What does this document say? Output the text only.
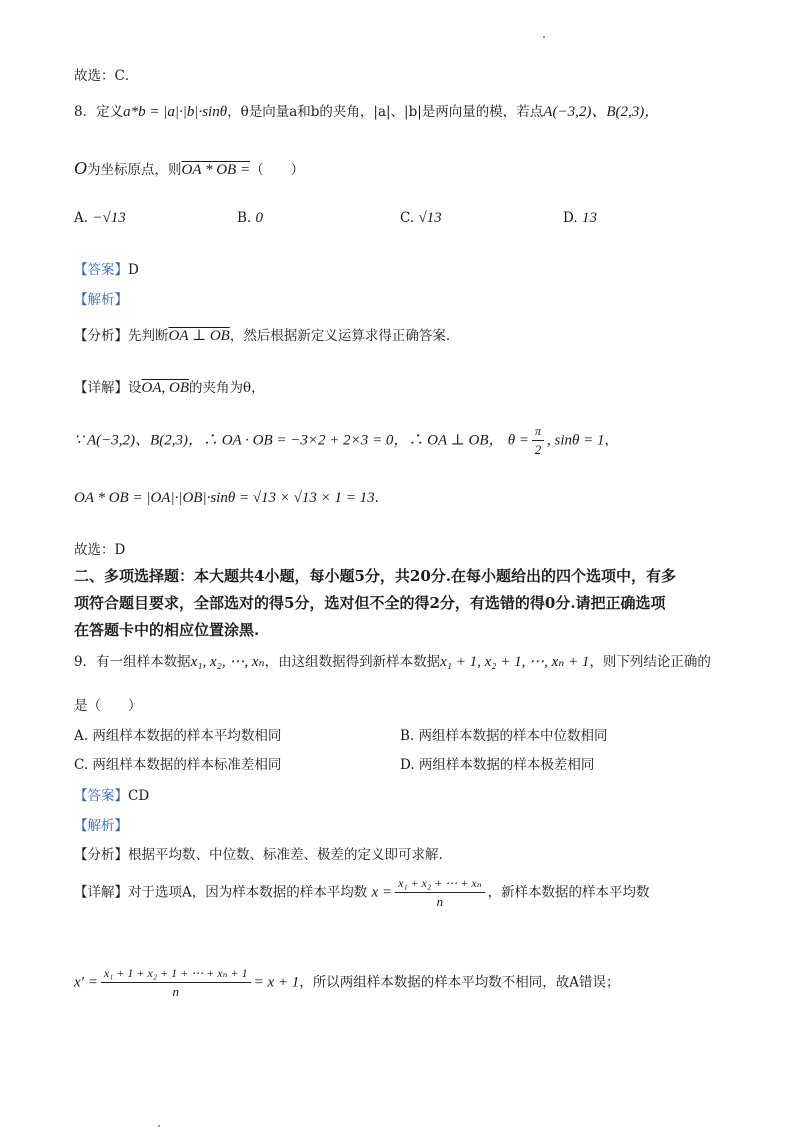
故选：C．
8．定义a*b = |a|·|b|·sinθ，θ是向量a和b的夹角，|a|、|b|是两向量的模，若点A(−3,2)、B(2,3)，
O为坐标原点，则OA * OB =（　　）
A. −√13	B. 0	C. √13	D. 13
【答案】D
【解析】
【分析】先判断OA ⊥ OB，然后根据新定义运算求得正确答案.
【详解】设OA, OB的夹角为θ，
∵ A(−3,2)、B(2,3)，∴ OA · OB = −3×2 + 2×3 = 0，∴ OA ⊥ OB， $\theta = \frac{\pi}{2}$ , sinθ = 1，
OA * OB = |OA|·|OB|·sinθ = √13 × √13 × 1 = 13.
故选：D
二、多项选择题：本大题共4小题，每小题5分，共20分.在每小题给出的四个选项中，有多
项符合题目要求，全部选对的得5分，选对但不全的得2分，有选错的得0分.请把正确选项
在答题卡中的相应位置涂黑.
9．有一组样本数据x₁, x₂, ⋯, xₙ，由这组数据得到新样本数据x₁ + 1, x₂ + 1, ⋯, xₙ + 1，则下列结论正确的
是（　　）
A. 两组样本数据的样本平均数相同	B. 两组样本数据的样本中位数相同
C. 两组样本数据的样本标准差相同	D. 两组样本数据的样本极差相同
【答案】CD
【解析】
【分析】根据平均数、中位数、标准差、极差的定义即可求解.
【详解】对于选项A，因为样本数据的样本平均数 $x = \frac{\text{x₁ + x₂ + ⋯ + xₙ}}{n}$ ，新样本数据的样本平均数
$x' = \frac{\text{x₁ + 1 + x₂ + 1 + ⋯ + xₙ + 1}}{n} = x + 1$，所以两组样本数据的样本平均数不相同，故A错误；
